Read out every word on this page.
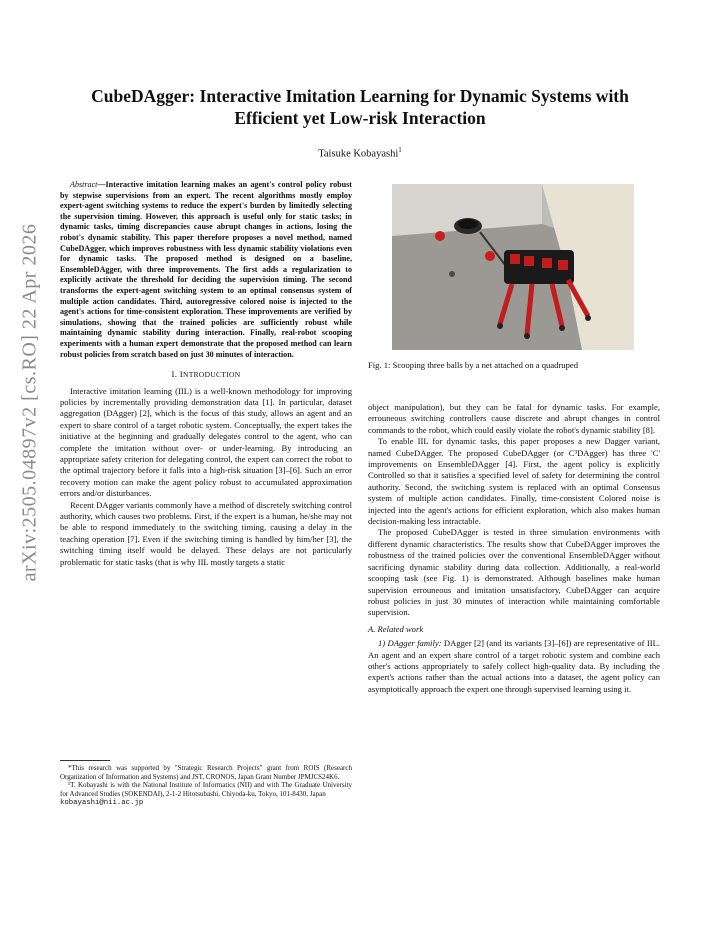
arXiv:2505.04897v2 [cs.RO] 22 Apr 2026
CubeDAgger: Interactive Imitation Learning for Dynamic Systems with
Efficient yet Low-risk Interaction
Taisuke Kobayashi$^1$

Abstract—Interactive imitation learning makes an agent's control policy robust by stepwise supervisions from an expert. The recent algorithms mostly employ expert-agent switching systems to reduce the expert's burden by limitedly selecting the supervision timing. However, this approach is useful only for static tasks; in dynamic tasks, timing discrepancies cause abrupt changes in actions, losing the robot's dynamic stability. This paper therefore proposes a novel method, named CubeDAgger, which improves robustness with less dynamic stability violations even for dynamic tasks. The proposed method is designed on a baseline, EnsembleDAgger, with three improvements. The first adds a regularization to explicitly activate the threshold for deciding the supervision timing. The second transforms the expert-agent switching system to an optimal consensus system of multiple action candidates. Third, autoregressive colored noise is injected to the agent's actions for time-consistent exploration. These improvements are verified by simulations, showing that the trained policies are sufficiently robust while maintaining dynamic stability during interaction. Finally, real-robot scooping experiments with a human expert demonstrate that the proposed method can learn robust policies from scratch based on just 30 minutes of interaction.

I. INTRODUCTION

Interactive imitation learning (IIL) is a well-known methodology for improving policies by incrementally providing demonstration data [1]. In particular, dataset aggregation (DAgger) [2], which is the focus of this study, allows an agent and an expert to share control of a target robotic system. Conceptually, the expert takes the initiative at the beginning and gradually delegates control to the agent, who can complete the imitation without over- or under-learning. By introducing an appropriate safety criterion for delegating control, the expert can correct the robot to the optimal trajectory before it falls into a high-risk situation [3]–[6]. Such an error recovery motion can make the agent policy robust to accumulated approximation errors and/or disturbances.

Recent DAgger variants commonly have a method of discretely switching control authority, which causes two problems. First, if the expert is a human, he/she may not be able to respond immediately to the switching timing, causing a delay in the teaching operation [7]. Even if the switching timing is handled by him/her [3], the switching timing itself would be delayed. These delays are not particularly problematic for static tasks (that is why IIL mostly targets a static

*This research was supported by "Strategic Research Projects" grant from ROIS (Research Organization of Information and Systems) and JST, CRONOS, Japan Grant Number JPMJCS24K6.

¹T. Kobayashi is with the National Institute of Informatics (NII) and with The Graduate University for Advanced Studies (SOKENDAI), 2-1-2 Hitotsubashi, Chiyoda-ku, Tokyo, 101-8430, Japan

kobayashi@nii.ac.jp
Fig. 1: Scooping three balls by a net attached on a quadruped

object manipulation), but they can be fatal for dynamic tasks. For example, errouneous switching controllers cause discrete and abrupt changes in control commands to the robot, which could easily violate the robot's dynamic stability [8].

To enable IIL for dynamic tasks, this paper proposes a new Dagger variant, named CubeDAgger. The proposed CubeDAgger (or C³DAgger) has three 'C' improvements on EnsembleDAgger [4]. First, the agent policy is explicitly Controlled so that it satisfies a specified level of safety for determining the control authority. Second, the switching system is replaced with an optimal Consensus system of multiple action candidates. Finally, time-consistent Colored noise is injected into the agent's actions for efficient exploration, which also makes human decision-making less intractable.

The proposed CubeDAgger is tested in three simulation environments with different dynamic characteristics. The results show that CubeDAgger improves the robustness of the trained policies over the conventional EnsembleDAgger without sacrificing dynamic stability during data collection. Additionally, a real-world scooping task (see Fig. 1) is demonstrated. Although baselines make human supervision errouneous and imitation unsatisfactory, CubeDAgger can acquire robust policies in just 30 minutes of interaction while maintaining comfortable supervision.

A. Related work

1) DAgger family: DAgger [2] (and its variants [3]–[6]) are representative of IIL. An agent and an expert share control of a target robotic system and combine each other's actions appropriately to safely collect high-quality data. By including the expert's actions rather than the actual actions into a dataset, the agent policy can asymptotically approach the expert one through supervised learning using it.
